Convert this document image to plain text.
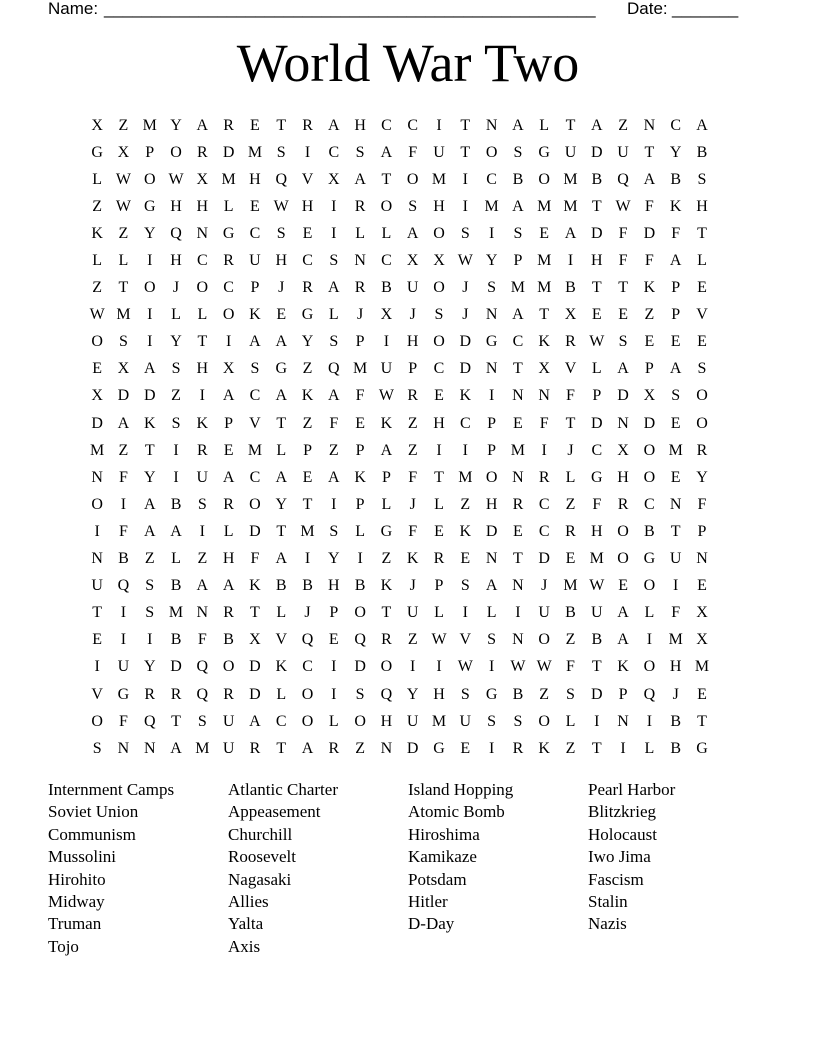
Name: ____________________________________________________ Date: _______
World War Two
X	Z	M	Y	A	R	E	T	R	A	H	C	C	I	T	N	A	L	T	A	Z	N	C	A
G	X	P	O	R	D	M	S	I	C	S	A	F	U	T	O	S	G	U	D	U	T	Y	B
L	W	O	W	X	M	H	Q	V	X	A	T	O	M	I	C	B	O	M	B	Q	A	B	S
Z	W	G	H	H	L	E	W	H	I	R	O	S	H	I	M	A	M	M	T	W	F	K	H
K	Z	Y	Q	N	G	C	S	E	I	L	L	A	O	S	I	S	E	A	D	F	D	F	T
L	L	I	H	C	R	U	H	C	S	N	C	X	X	W	Y	P	M	I	H	F	F	A	L
Z	T	O	J	O	C	P	J	R	A	R	B	U	O	J	S	M	M	B	T	T	K	P	E
W	M	I	L	L	O	K	E	G	L	J	X	J	S	J	N	A	T	X	E	E	Z	P	V
O	S	I	Y	T	I	A	A	Y	S	P	I	H	O	D	G	C	K	R	W	S	E	E	E
E	X	A	S	H	X	S	G	Z	Q	M	U	P	C	D	N	T	X	V	L	A	P	A	S
X	D	D	Z	I	A	C	A	K	A	F	W	R	E	K	I	N	N	F	P	D	X	S	O
D	A	K	S	K	P	V	T	Z	F	E	K	Z	H	C	P	E	F	T	D	N	D	E	O
M	Z	T	I	R	E	M	L	P	Z	P	A	Z	I	I	P	M	I	J	C	X	O	M	R
N	F	Y	I	U	A	C	A	E	A	K	P	F	T	M	O	N	R	L	G	H	O	E	Y
O	I	A	B	S	R	O	Y	T	I	P	L	J	L	Z	H	R	C	Z	F	R	C	N	F
I	F	A	A	I	L	D	T	M	S	L	G	F	E	K	D	E	C	R	H	O	B	T	P
N	B	Z	L	Z	H	F	A	I	Y	I	Z	K	R	E	N	T	D	E	M	O	G	U	N
U	Q	S	B	A	A	K	B	B	H	B	K	J	P	S	A	N	J	M	W	E	O	I	E
T	I	S	M	N	R	T	L	J	P	O	T	U	L	I	L	I	U	B	U	A	L	F	X
E	I	I	B	F	B	X	V	Q	E	Q	R	Z	W	V	S	N	O	Z	B	A	I	M	X
I	U	Y	D	Q	O	D	K	C	I	D	O	I	I	W	I	W	W	F	T	K	O	H	M
V	G	R	R	Q	R	D	L	O	I	S	Q	Y	H	S	G	B	Z	S	D	P	Q	J	E
O	F	Q	T	S	U	A	C	O	L	O	H	U	M	U	S	S	O	L	I	N	I	B	T
S	N	N	A	M	U	R	T	A	R	Z	N	D	G	E	I	R	K	Z	T	I	L	B	G
Internment Camps
Soviet Union
Communism
Mussolini
Hirohito
Midway
Truman
Tojo
Atlantic Charter
Appeasement
Churchill
Roosevelt
Nagasaki
Allies
Yalta
Axis
Island Hopping
Atomic Bomb
Hiroshima
Kamikaze
Potsdam
Hitler
D-Day
Pearl Harbor
Blitzkrieg
Holocaust
Iwo Jima
Fascism
Stalin
Nazis
